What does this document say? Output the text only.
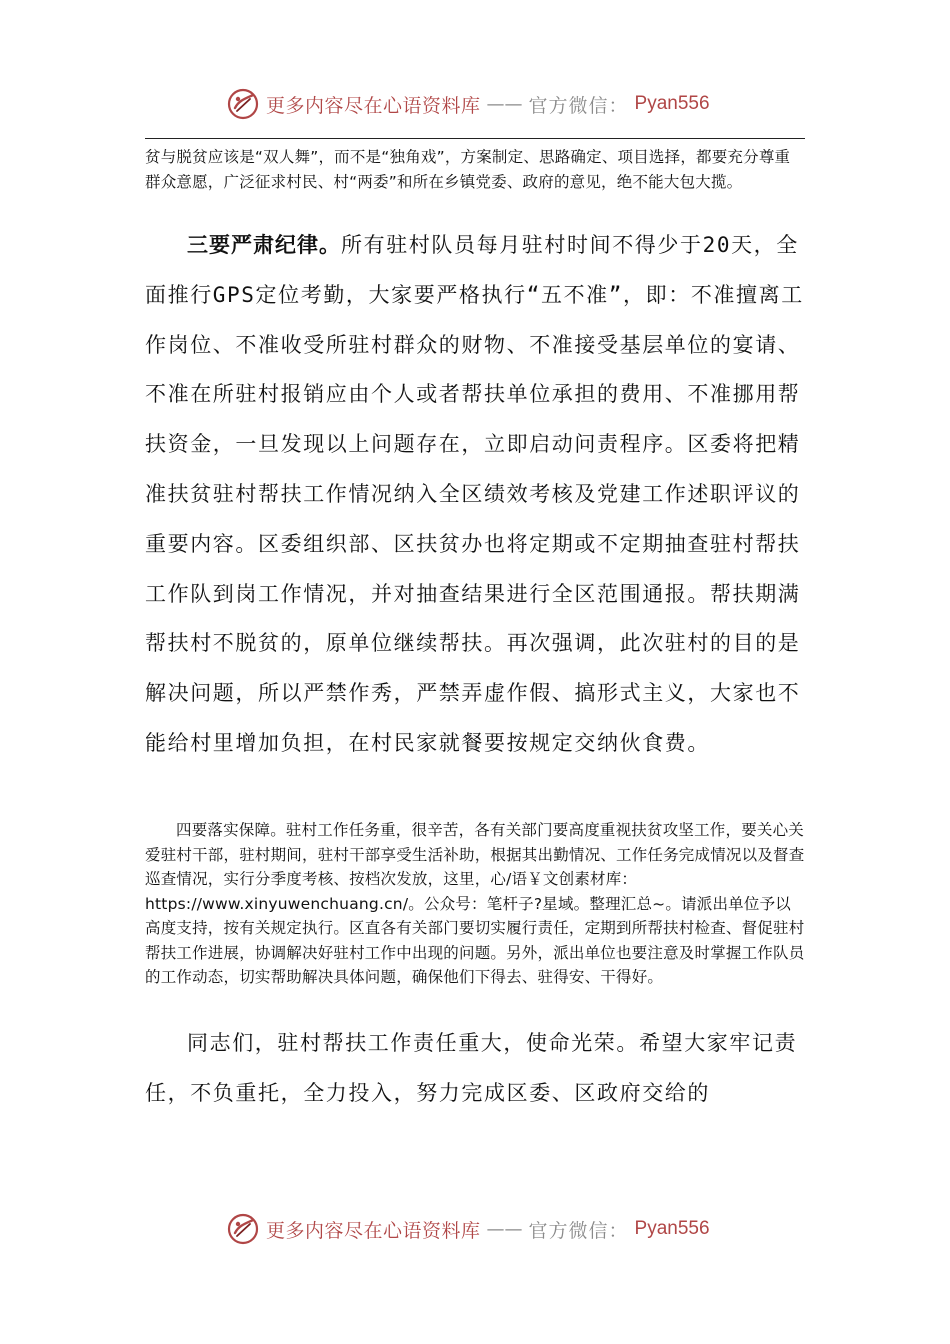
更多内容尽在心语资料库 —— 官方微信： Pyan556

贫与脱贫应该是“双人舞”，而不是“独角戏”，方案制定、思路确定、项目选择，都要充分尊重群众意愿，广泛征求村民、村“两委”和所在乡镇党委、政府的意见，绝不能大包大揽。

三要严肃纪律。所有驻村队员每月驻村时间不得少于20天，全面推行GPS定位考勤，大家要严格执行“五不准”，即：不准擅离工作岗位、不准收受所驻村群众的财物、不准接受基层单位的宴请、不准在所驻村报销应由个人或者帮扶单位承担的费用、不准挪用帮扶资金，一旦发现以上问题存在，立即启动问责程序。区委将把精准扶贫驻村帮扶工作情况纳入全区绩效考核及党建工作述职评议的重要内容。区委组织部、区扶贫办也将定期或不定期抽查驻村帮扶工作队到岗工作情况，并对抽查结果进行全区范围通报。帮扶期满帮扶村不脱贫的，原单位继续帮扶。再次强调，此次驻村的目的是解决问题，所以严禁作秀，严禁弄虚作假、搞形式主义，大家也不能给村里增加负担，在村民家就餐要按规定交纳伙食费。

四要落实保障。驻村工作任务重，很辛苦，各有关部门要高度重视扶贫攻坚工作，要关心关爱驻村干部，驻村期间，驻村干部享受生活补助，根据其出勤情况、工作任务完成情况以及督查巡查情况，实行分季度考核、按档次发放，这里，心/语￥文创素材库：https://www.xinyuwenchuang.cn/。公众号：笔杆子?星域。整理汇总~。请派出单位予以高度支持，按有关规定执行。区直各有关部门要切实履行责任，定期到所帮扶村检查、督促驻村帮扶工作进展，协调解决好驻村工作中出现的问题。另外，派出单位也要注意及时掌握工作队员的工作动态，切实帮助解决具体问题，确保他们下得去、驻得安、干得好。

同志们，驻村帮扶工作责任重大，使命光荣。希望大家牢记责任，不负重托，全力投入，努力完成区委、区政府交给的

更多内容尽在心语资料库 —— 官方微信： Pyan556
